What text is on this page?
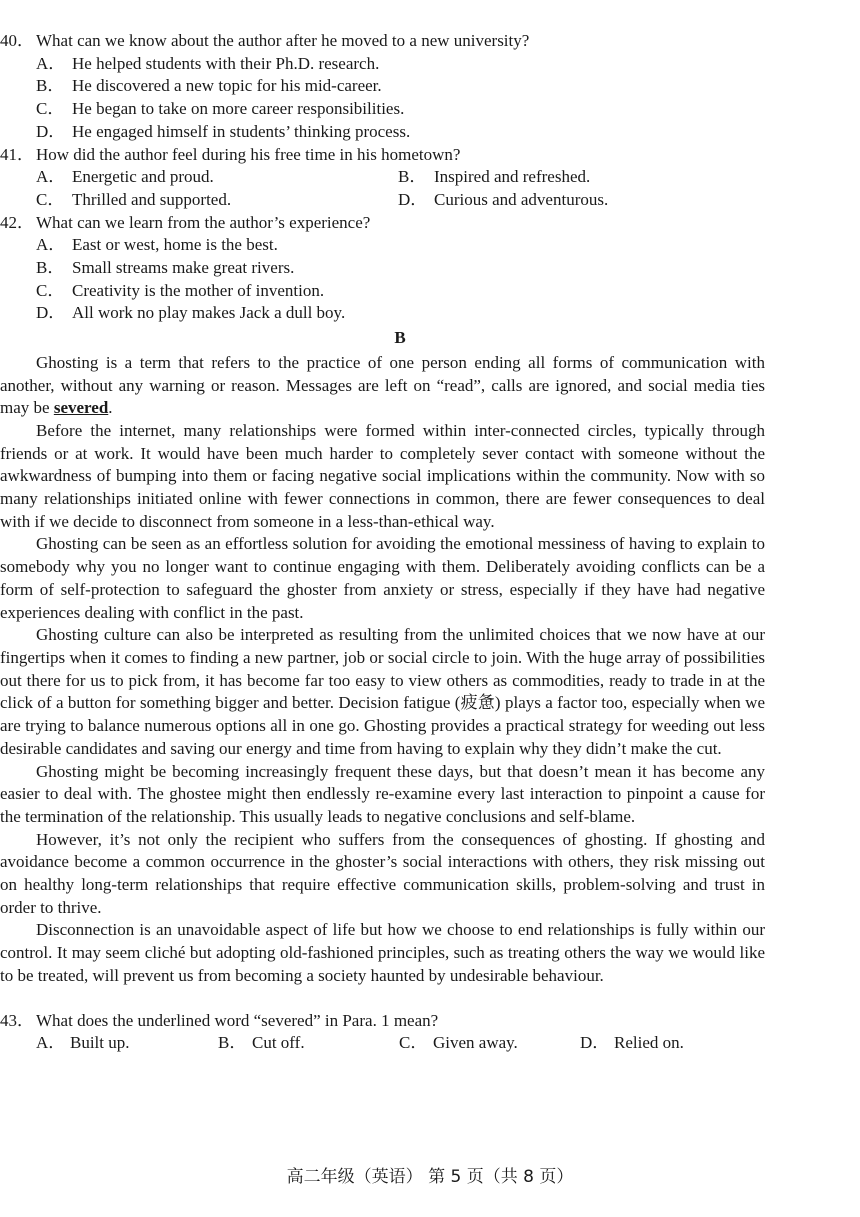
40． What can we know about the author after he moved to a new university?
A． He helped students with their Ph.D. research.
B． He discovered a new topic for his mid-career.
C． He began to take on more career responsibilities.
D． He engaged himself in students’ thinking process.
41． How did the author feel during his free time in his hometown?
A． Energetic and proud.	B． Inspired and refreshed.
C． Thrilled and supported.	D． Curious and adventurous.
42． What can we learn from the author’s experience?
A． East or west, home is the best.
B． Small streams make great rivers.
C． Creativity is the mother of invention.
D． All work no play makes Jack a dull boy.
B
Ghosting is a term that refers to the practice of one person ending all forms of communication with another, without any warning or reason. Messages are left on “read”, calls are ignored, and social media ties may be severed.
Before the internet, many relationships were formed within inter-connected circles, typically through friends or at work. It would have been much harder to completely sever contact with someone without the awkwardness of bumping into them or facing negative social implications within the community. Now with so many relationships initiated online with fewer connections in common, there are fewer consequences to deal with if we decide to disconnect from someone in a less-than-ethical way.
Ghosting can be seen as an effortless solution for avoiding the emotional messiness of having to explain to somebody why you no longer want to continue engaging with them. Deliberately avoiding conflicts can be a form of self-protection to safeguard the ghoster from anxiety or stress, especially if they have had negative experiences dealing with conflict in the past.
Ghosting culture can also be interpreted as resulting from the unlimited choices that we now have at our fingertips when it comes to finding a new partner, job or social circle to join. With the huge array of possibilities out there for us to pick from, it has become far too easy to view others as commodities, ready to trade in at the click of a button for something bigger and better. Decision fatigue (疲惫) plays a factor too, especially when we are trying to balance numerous options all in one go. Ghosting provides a practical strategy for weeding out less desirable candidates and saving our energy and time from having to explain why they didn’t make the cut.
Ghosting might be becoming increasingly frequent these days, but that doesn’t mean it has become any easier to deal with. The ghostee might then endlessly re-examine every last interaction to pinpoint a cause for the termination of the relationship. This usually leads to negative conclusions and self-blame.
However, it’s not only the recipient who suffers from the consequences of ghosting. If ghosting and avoidance become a common occurrence in the ghoster’s social interactions with others, they risk missing out on healthy long-term relationships that require effective communication skills, problem-solving and trust in order to thrive.
Disconnection is an unavoidable aspect of life but how we choose to end relationships is fully within our control. It may seem cliché but adopting old-fashioned principles, such as treating others the way we would like to be treated, will prevent us from becoming a society haunted by undesirable behaviour.
43． What does the underlined word “severed” in Para. 1 mean?
A． Built up.	B． Cut off.	C． Given away.	D． Relied on.
高二年级（英语） 第 5 页（共 8 页）
